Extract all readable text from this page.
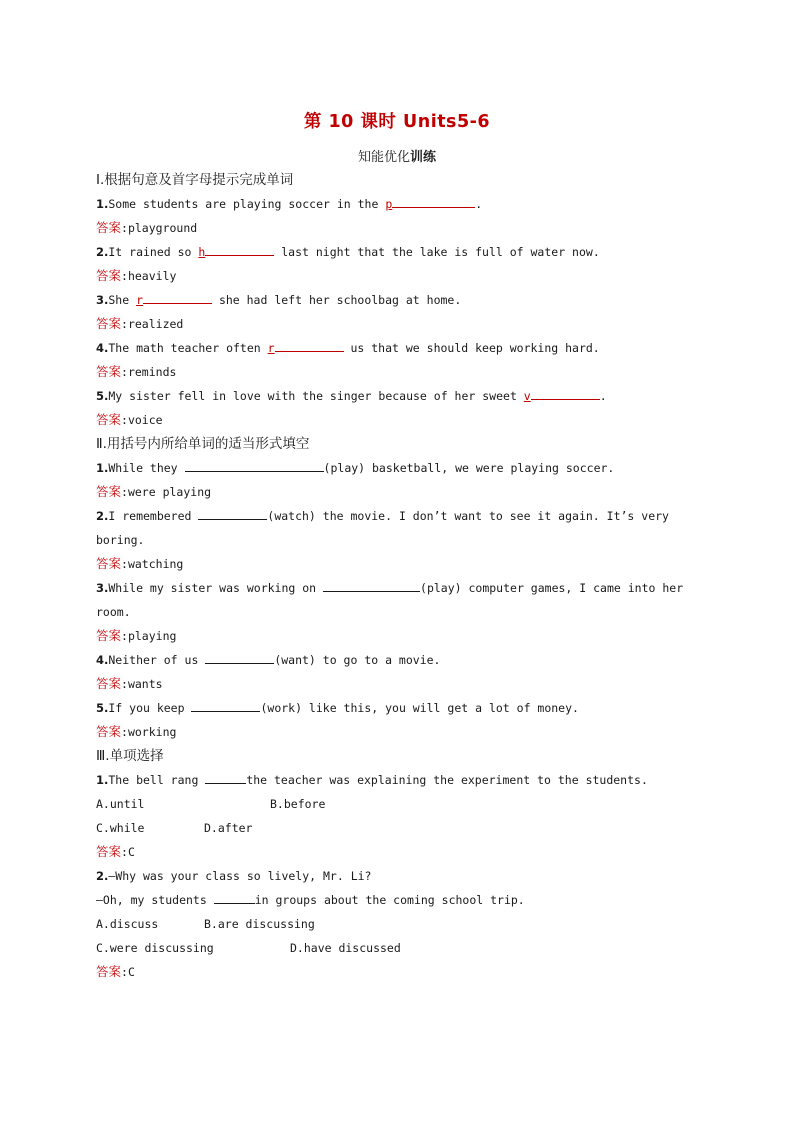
第 10 课时 Units5-6
知能优化训练
Ⅰ.根据句意及首字母提示完成单词
1.Some students are playing soccer in the p	.
答案:playground
2.It rained so h	last night that the lake is full of water now.
答案:heavily
3.She r	she had left her schoolbag at home.
答案:realized
4.The math teacher often r	us that we should keep working hard.
答案:reminds
5.My sister fell in love with the singer because of her sweet v	.
答案:voice
Ⅱ.用括号内所给单词的适当形式填空
1.While they	(play) basketball, we were playing soccer.
答案:were playing
2.I remembered	(watch) the movie. I don’t want to see it again. It’s very
boring.
答案:watching
3.While my sister was working on	(play) computer games, I came into her
room.
答案:playing
4.Neither of us	(want) to go to a movie.
答案:wants
5.If you keep	(work) like this, you will get a lot of money.
答案:working
Ⅲ.单项选择
1.The bell rang	the teacher was explaining the experiment to the students.
A.until	B.before
C.while	D.after
答案:C
2.—Why was your class so lively, Mr. Li?
—Oh, my students	in groups about the coming school trip.
A.discuss	B.are discussing
C.were discussing	D.have discussed
答案:C
